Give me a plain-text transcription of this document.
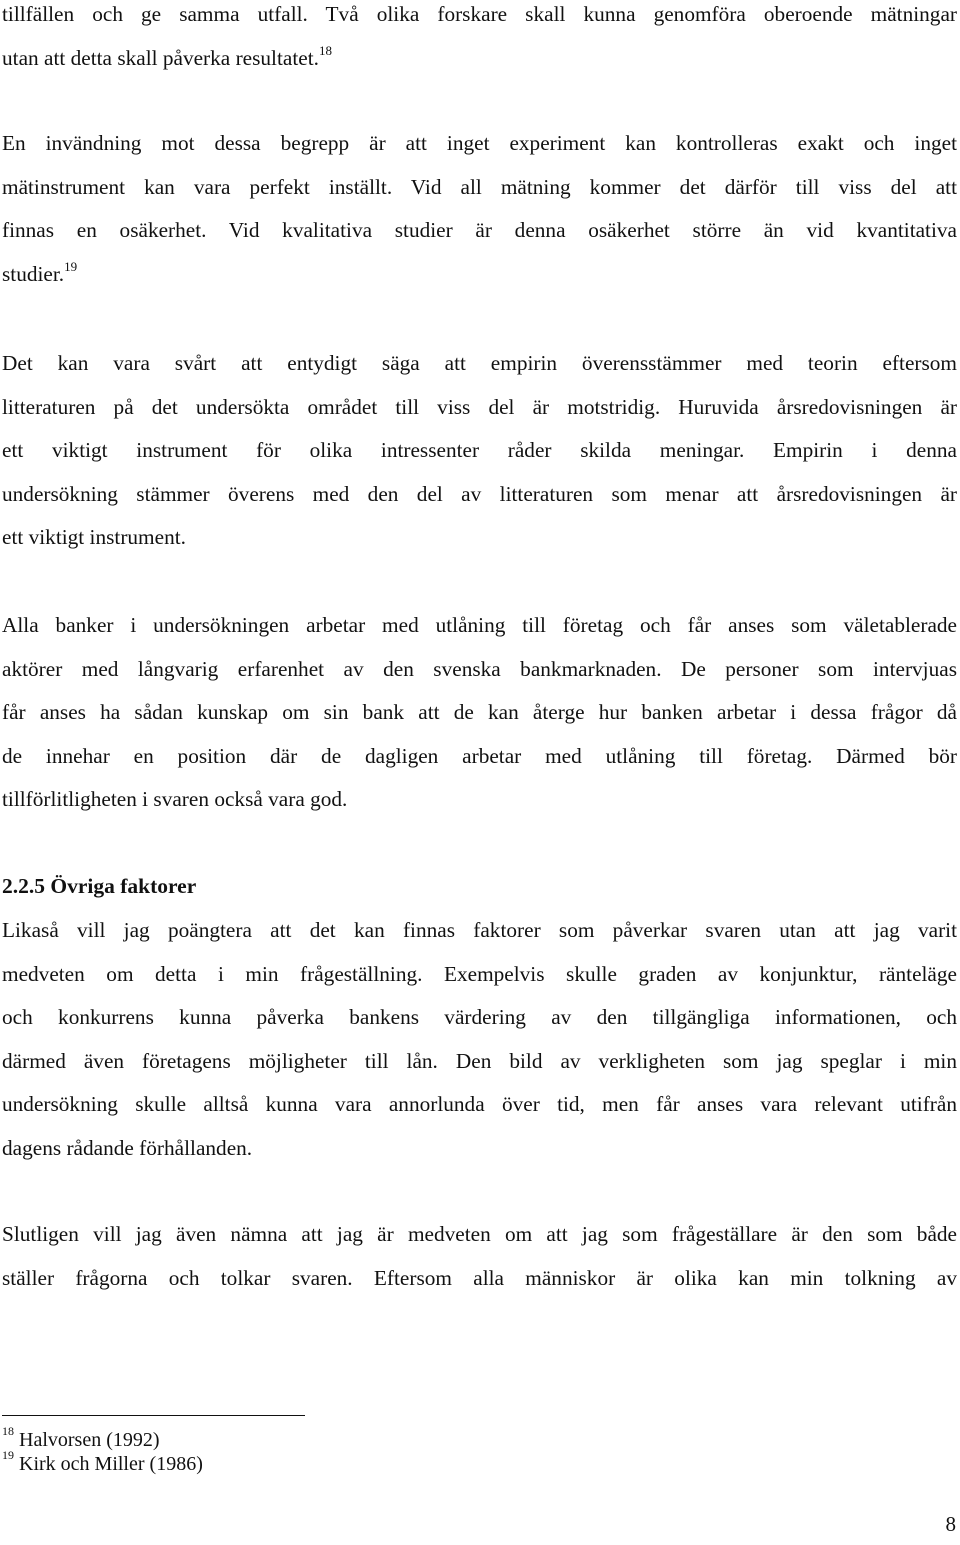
tillfällen och ge samma utfall. Två olika forskare skall kunna genomföra oberoende mätningar
utan att detta skall påverka resultatet.$^{18}$
En invändning mot dessa begrepp är att inget experiment kan kontrolleras exakt och inget
mätinstrument kan vara perfekt inställt. Vid all mätning kommer det därför till viss del att
finnas en osäkerhet. Vid kvalitativa studier är denna osäkerhet större än vid kvantitativa
studier.$^{19}$
Det kan vara svårt att entydigt säga att empirin överensstämmer med teorin eftersom
litteraturen på det undersökta området till viss del är motstridig. Huruvida årsredovisningen är
ett viktigt instrument för olika intressenter råder skilda meningar. Empirin i denna
undersökning stämmer överens med den del av litteraturen som menar att årsredovisningen är
ett viktigt instrument.
Alla banker i undersökningen arbetar med utlåning till företag och får anses som väletablerade
aktörer med långvarig erfarenhet av den svenska bankmarknaden. De personer som intervjuas
får anses ha sådan kunskap om sin bank att de kan återge hur banken arbetar i dessa frågor då
de innehar en position där de dagligen arbetar med utlåning till företag. Därmed bör
tillförlitligheten i svaren också vara god.
2.2.5 Övriga faktorer
Likaså vill jag poängtera att det kan finnas faktorer som påverkar svaren utan att jag varit
medveten om detta i min frågeställning. Exempelvis skulle graden av konjunktur, ränteläge
och konkurrens kunna påverka bankens värdering av den tillgängliga informationen, och
därmed även företagens möjligheter till lån. Den bild av verkligheten som jag speglar i min
undersökning skulle alltså kunna vara annorlunda över tid, men får anses vara relevant utifrån
dagens rådande förhållanden.
Slutligen vill jag även nämna att jag är medveten om att jag som frågeställare är den som både
ställer frågorna och tolkar svaren. Eftersom alla människor är olika kan min tolkning av
$^{18}$ Halvorsen (1992)
$^{19}$ Kirk och Miller (1986)
8
